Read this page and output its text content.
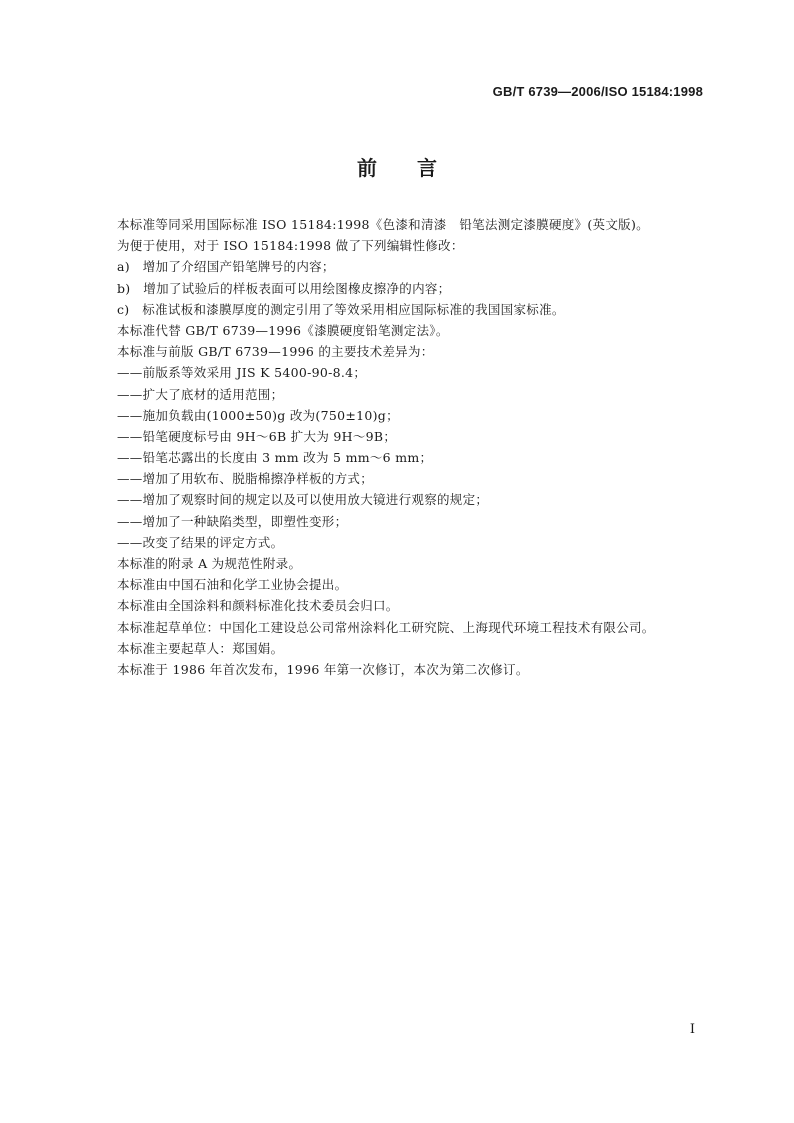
GB/T 6739—2006/ISO 15184:1998
前言
本标准等同采用国际标准 ISO 15184:1998《色漆和清漆　铅笔法测定漆膜硬度》(英文版)。
为便于使用，对于 ISO 15184:1998 做了下列编辑性修改：
a)　增加了介绍国产铅笔牌号的内容；
b)　增加了试验后的样板表面可以用绘图橡皮擦净的内容；
c)　标准试板和漆膜厚度的测定引用了等效采用相应国际标准的我国国家标准。
本标准代替 GB/T 6739—1996《漆膜硬度铅笔测定法》。
本标准与前版 GB/T 6739—1996 的主要技术差异为：
——前版系等效采用 JIS K 5400-90-8.4；
——扩大了底材的适用范围；
——施加负载由(1000±50)g 改为(750±10)g；
——铅笔硬度标号由 9H～6B 扩大为 9H～9B；
——铅笔芯露出的长度由 3 mm 改为 5 mm～6 mm；
——增加了用软布、脱脂棉擦净样板的方式；
——增加了观察时间的规定以及可以使用放大镜进行观察的规定；
——增加了一种缺陷类型，即塑性变形；
——改变了结果的评定方式。
本标准的附录 A 为规范性附录。
本标准由中国石油和化学工业协会提出。
本标准由全国涂料和颜料标准化技术委员会归口。
本标准起草单位：中国化工建设总公司常州涂料化工研究院、上海现代环境工程技术有限公司。
本标准主要起草人：郑国娟。
本标准于 1986 年首次发布，1996 年第一次修订，本次为第二次修订。
I
